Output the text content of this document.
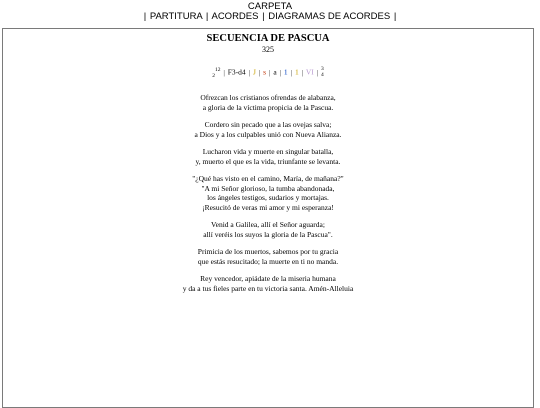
CARPETA
| PARTITURA | ACORDES | DIAGRAMAS DE ACORDES |
SECUENCIA DE PASCUA
325
$_2^{12}$ | F3-d4 | J | s | a | 1 | 1 | VI | 3
4
Ofrezcan los cristianos ofrendas de alabanza,
a gloria de la víctima propicia de la Pascua.
Cordero sin pecado que a las ovejas salva;
a Dios y a los culpables unió con Nueva Alianza.
Lucharon vida y muerte en singular batalla,
y, muerto el que es la vida, triunfante se levanta.
"¿Qué has visto en el camino, María, de mañana?"
"A mi Señor glorioso, la tumba abandonada,
los ángeles testigos, sudarios y mortajas.
¡Resucitó de veras mi amor y mi esperanza!
Venid a Galilea, allí el Señor aguarda;
allí veréis los suyos la gloria de la Pascua".
Primicia de los muertos, sabemos por tu gracia
que estás resucitado; la muerte en ti no manda.
Rey vencedor, apiádate de la miseria humana
y da a tus fieles parte en tu victoria santa. Amén-Alleluia
